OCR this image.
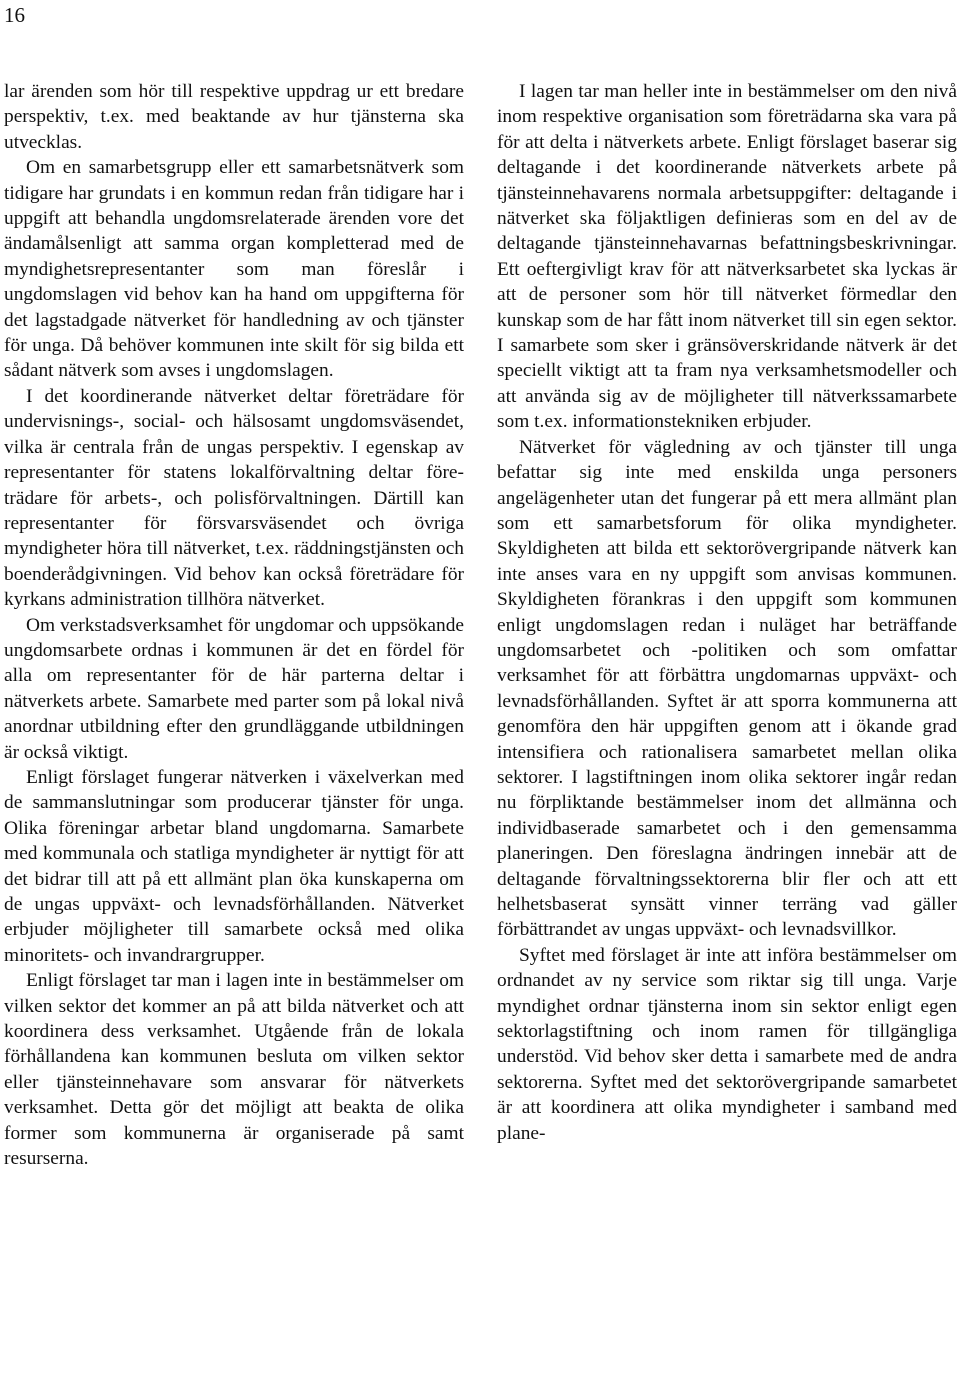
16

lar ärenden som hör till respektive uppdrag ur ett bredare perspektiv, t.ex. med beaktande av hur tjänsterna ska utvecklas.

Om en samarbetsgrupp eller ett samarbetsnätverk som tidigare har grundats i en kommun redan från tidigare har i uppgift att behandla ungdomsrelaterade ärenden vore det ändamålsenligt att samma organ kompletterad med de myndighetsrepresentanter som man föreslår i ungdomslagen vid behov kan ha hand om uppgifterna för det lagstadgade nätverket för handledning av och tjänster för unga. Då behöver kommunen inte skilt för sig bilda ett sådant nätverk som avses i ungdomslagen.

I det koordinerande nätverket deltar företrädare för undervisnings-, social- och hälsosamt ungdomsväsendet, vilka är centrala från de ungas perspektiv. I egenskap av representanter för statens lokalförvaltning deltar företrädare för arbets-, och polisförvaltningen. Därtill kan representanter för försvarsväsendet och övriga myndigheter höra till nätverket, t.ex. räddningstjänsten och boenderådgivningen. Vid behov kan också företrädare för kyrkans administration tillhöra nätverket.

Om verkstadsverksamhet för ungdomar och uppsökande ungdomsarbete ordnas i kommunen är det en fördel för alla om representanter för de här parterna deltar i nätverkets arbete. Samarbete med parter som på lokal nivå anordnar utbildning efter den grundläggande utbildningen är också viktigt.

Enligt förslaget fungerar nätverken i växelverkan med de sammanslutningar som producerar tjänster för unga. Olika föreningar arbetar bland ungdomarna. Samarbete med kommunala och statliga myndigheter är nyttigt för att det bidrar till att på ett allmänt plan öka kunskaperna om de ungas uppväxt- och levnadsförhållanden. Nätverket erbjuder möjligheter till samarbete också med olika minoritets- och invandrargrupper.

Enligt förslaget tar man i lagen inte in bestämmelser om vilken sektor det kommer an på att bilda nätverket och att koordinera dess verksamhet. Utgående från de lokala förhållandena kan kommunen besluta om vilken sektor eller tjänsteinnehavare som ansvarar för nätverkets verksamhet. Detta gör det möjligt att beakta de olika former som kommunerna är organiserade på samt resurserna.

I lagen tar man heller inte in bestämmelser om den nivå inom respektive organisation som företrädarna ska vara på för att delta i nätverkets arbete. Enligt förslaget baserar sig deltagande i det koordinerande nätverkets arbete på tjänsteinnehavarens normala arbetsuppgifter: deltagande i nätverket ska följaktligen definieras som en del av de deltagande tjänsteinnehavarnas befattningsbeskrivningar. Ett oeftergivligt krav för att nätverksarbetet ska lyckas är att de personer som hör till nätverket förmedlar den kunskap som de har fått inom nätverket till sin egen sektor. I samarbete som sker i gränsöverskridande nätverk är det speciellt viktigt att ta fram nya verksamhetsmodeller och att använda sig av de möjligheter till nätverkssamarbete som t.ex. informationstekniken erbjuder.

Nätverket för vägledning av och tjänster till unga befattar sig inte med enskilda unga personers angelägenheter utan det fungerar på ett mera allmänt plan som ett samarbetsforum för olika myndigheter. Skyldigheten att bilda ett sektorövergripande nätverk kan inte anses vara en ny uppgift som anvisas kommunen. Skyldigheten förankras i den uppgift som kommunen enligt ungdomslagen redan i nuläget har beträffande ungdomsarbetet och -politiken och som omfattar verksamhet för att förbättra ungdomarnas uppväxt- och levnadsförhållanden. Syftet är att sporra kommunerna att genomföra den här uppgiften genom att i ökande grad intensifiera och rationalisera samarbetet mellan olika sektorer. I lagstiftningen inom olika sektorer ingår redan nu förpliktande bestämmelser inom det allmänna och individbaserade samarbetet och i den gemensamma planeringen. Den föreslagna ändringen innebär att de deltagande förvaltningssektorerna blir fler och att ett helhetsbaserat synsätt vinner terräng vad gäller förbättrandet av ungas uppväxt- och levnadsvillkor.

Syftet med förslaget är inte att införa bestämmelser om ordnandet av ny service som riktar sig till unga. Varje myndighet ordnar tjänsterna inom sin sektor enligt egen sektorlagstiftning och inom ramen för tillgängliga understöd. Vid behov sker detta i samarbete med de andra sektorerna. Syftet med det sektorövergripande samarbetet är att koordinera att olika myndigheter i samband med plane-
